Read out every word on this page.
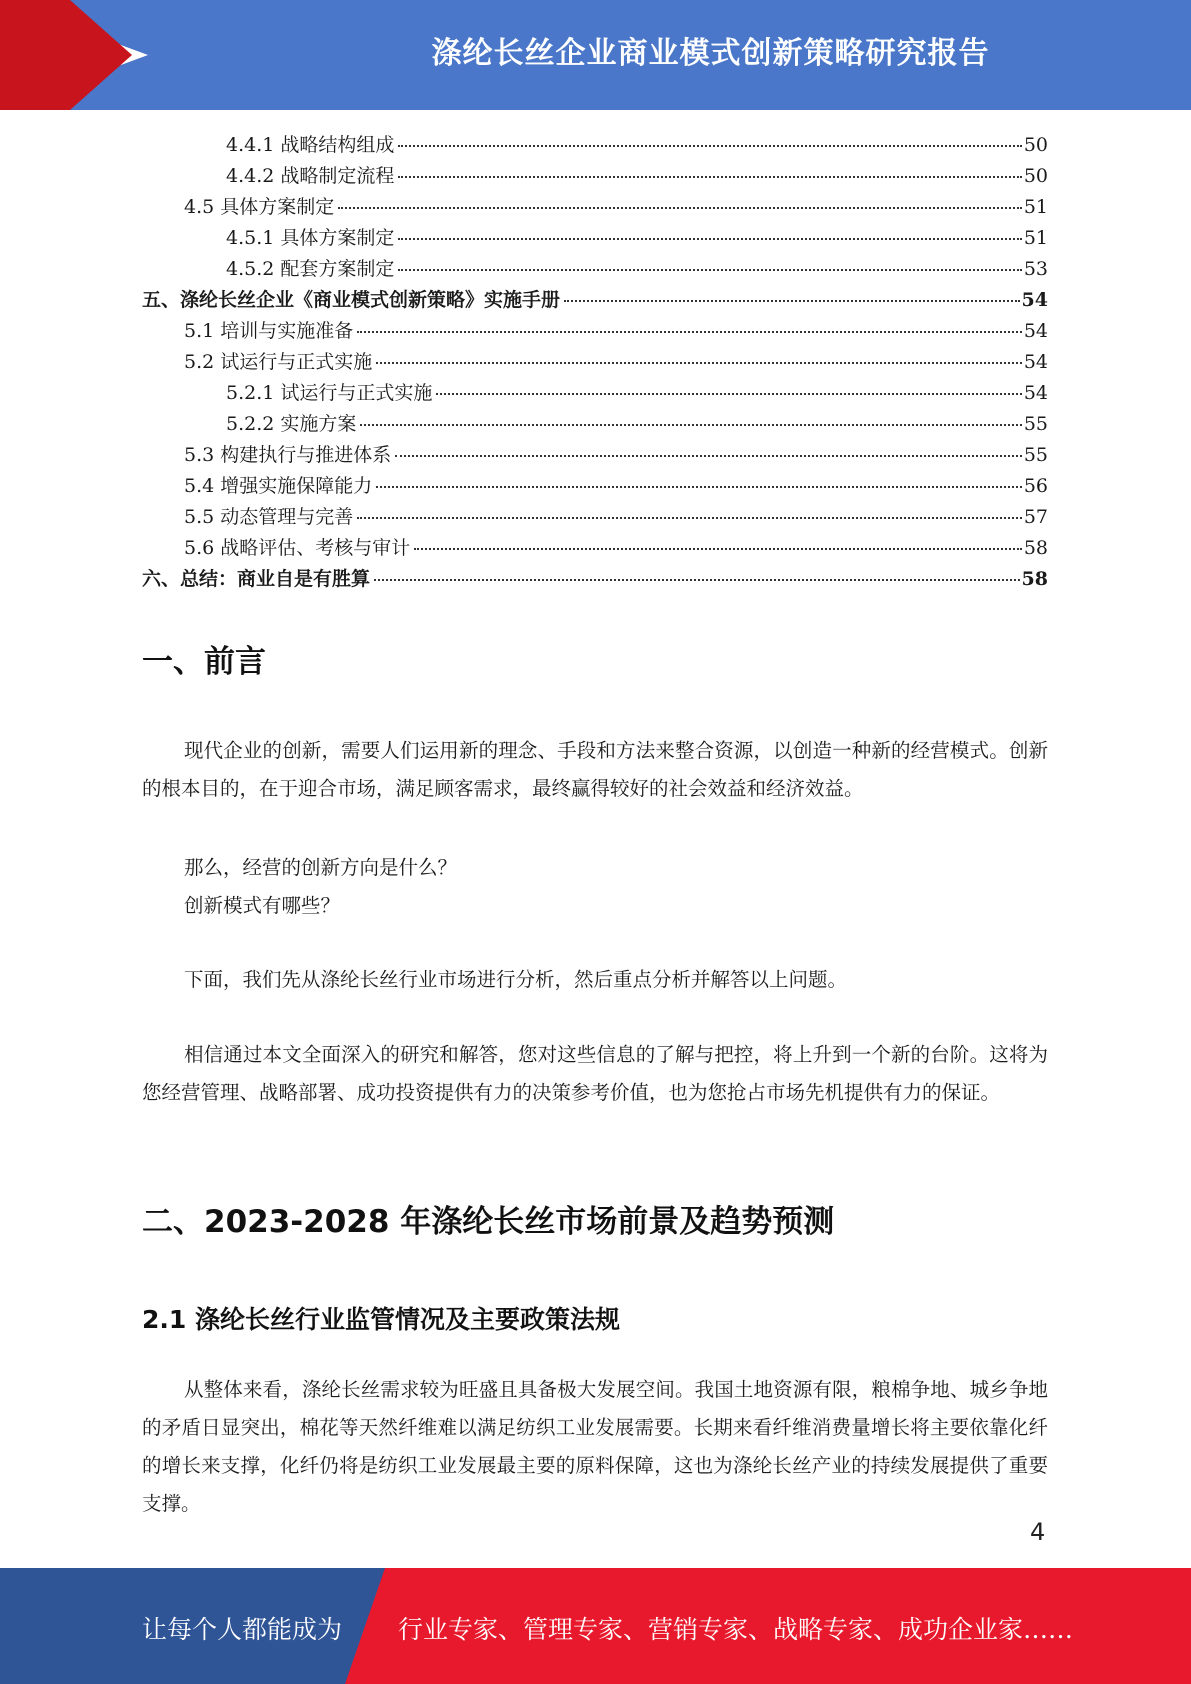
涤纶长丝企业商业模式创新策略研究报告
4.4.1 战略结构组成	50
4.4.2 战略制定流程	50
4.5 具体方案制定	51
4.5.1 具体方案制定	51
4.5.2 配套方案制定	53
五、涤纶长丝企业《商业模式创新策略》实施手册	54
5.1 培训与实施准备	54
5.2 试运行与正式实施	54
5.2.1 试运行与正式实施	54
5.2.2 实施方案	55
5.3 构建执行与推进体系	55
5.4 增强实施保障能力	56
5.5 动态管理与完善	57
5.6 战略评估、考核与审计	58
六、总结：商业自是有胜算	58
一、前言

现代企业的创新，需要人们运用新的理念、手段和方法来整合资源，以创造一种新的经营模式。创新的根本目的，在于迎合市场，满足顾客需求，最终赢得较好的社会效益和经济效益。

那么，经营的创新方向是什么？

创新模式有哪些？

下面，我们先从涤纶长丝行业市场进行分析，然后重点分析并解答以上问题。

相信通过本文全面深入的研究和解答，您对这些信息的了解与把控，将上升到一个新的台阶。这将为您经营管理、战略部署、成功投资提供有力的决策参考价值，也为您抢占市场先机提供有力的保证。

二、2023-2028 年涤纶长丝市场前景及趋势预测
2.1 涤纶长丝行业监管情况及主要政策法规

从整体来看，涤纶长丝需求较为旺盛且具备极大发展空间。我国土地资源有限，粮棉争地、城乡争地的矛盾日显突出，棉花等天然纤维难以满足纺织工业发展需要。长期来看纤维消费量增长将主要依靠化纤的增长来支撑，化纤仍将是纺织工业发展最主要的原料保障，这也为涤纶长丝产业的持续发展提供了重要支撑。

4
让每个人都能成为 行业专家、管理专家、营销专家、战略专家、成功企业家……
